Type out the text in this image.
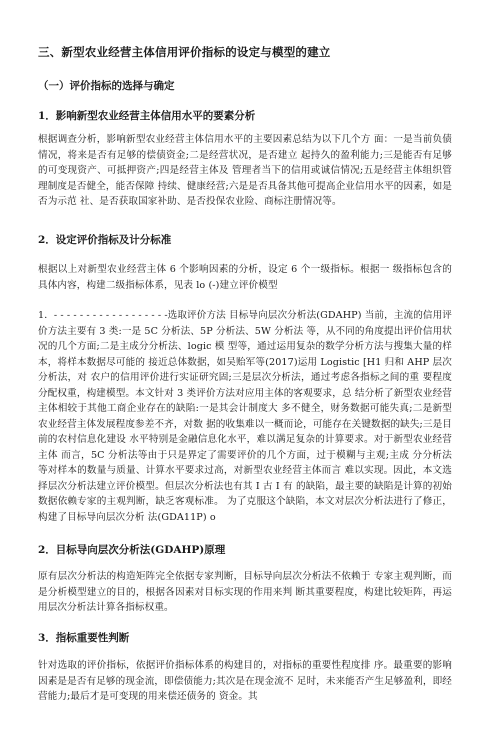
三、新型农业经营主体信用评价指标的设定与模型的建立
（一）评价指标的选择与确定
1．影响新型农业经营主体信用水平的要素分析

根据调查分析，影响新型农业经营主体信用水平的主要因素总结为以下几个方 面：一是当前负债情况，将来是否有足够的偿债资金;二是经营状况，是否建立 起持久的盈利能力;三是能否有足够的可变现资产、可抵押资产;四是经营主体及 管理者当下的信用或诚信情况;五是经营主体组织管理制度是否健全，能否保障 持续、健康经营;六是是否具备其他可提高企业信用水平的因素，如是否为示范 社、是否获取国家补助、是否投保农业险、商标注册情况等。

2．设定评价指标及计分标准

根据以上对新型农业经营主体 6 个影响因素的分析，设定 6 个一级指标。根据一 级指标包含的具体内容，构建二级指标体系，见表 lo (-)建立评价模型

1．- - - - - - - - - - - - - - - - - -选取评价方法 目标导向层次分析法(GDAHP) 当前，主流的信用评价方法主要有 3 类:一是 5C 分析法、5P 分析法、5W 分析法 等，从不同的角度提出评价信用状况的几个方面;二是主成分分析法、logic 模 型等，通过运用复杂的数学分析方法与搜集大量的样本，将样本数据尽可能的 接近总体数据，如吴贻军等(2017)运用 Logistic [H1 归和 AHP 层次分析法，对 农户的信用评价进行实证研究固;三是层次分析法，通过考虑各指标之间的重 要程度分配权重，构建模型。本文针对 3 类评价方法对应用主体的客观要求，总 结分析了新型农业经营主体相较于其他工商企业存在的缺陷:一是其会计制度大 多不健全，财务数据可能失真;二是新型农业经营主体发展程度参差不齐，对数 据的收集难以一概而论，可能存在关键数据的缺失;三是目前的农村信息化建设 水平特别是金融信息化水平，难以满足复杂的计算要求。对于新型农业经营主体 而言，5C 分析法等由于只是界定了需要评价的几个方面，过于模糊与主观;主成 分分析法等对样本的数量与质量、计算水平要求过高，对新型农业经营主体而言 难以实现。因此，本文选择层次分析法建立评价模型。但层次分析法也有其 I 古 I 有 的缺陷，最主要的缺陷是计算的初始数据依赖专家的主观判断，缺乏客观标准。 为了克服这个缺陷，本文对层次分析法进行了修正，构建了目标导向层次分析 法(GDA11P) o

2．目标导向层次分析法(GDAHP)原理

原有层次分析法的构造矩阵完全依据专家判断，目标导向层次分析法不依赖于 专家主观判断，而是分析模型建立的目的，根据各因素对目标实现的作用来判 断其重要程度，构建比较矩阵，再运用层次分析法计算各指标权重。

3．指标重要性判断

针对选取的评价指标，依据评价指标体系的构建目的，对指标的重要性程度排 序。最重要的影响因素是是否有足够的现金流，即偿债能力;其次是在现金流不 足时，未来能否产生足够盈利，即经营能力;最后才是可变现的用来偿还债务的 资金。其
